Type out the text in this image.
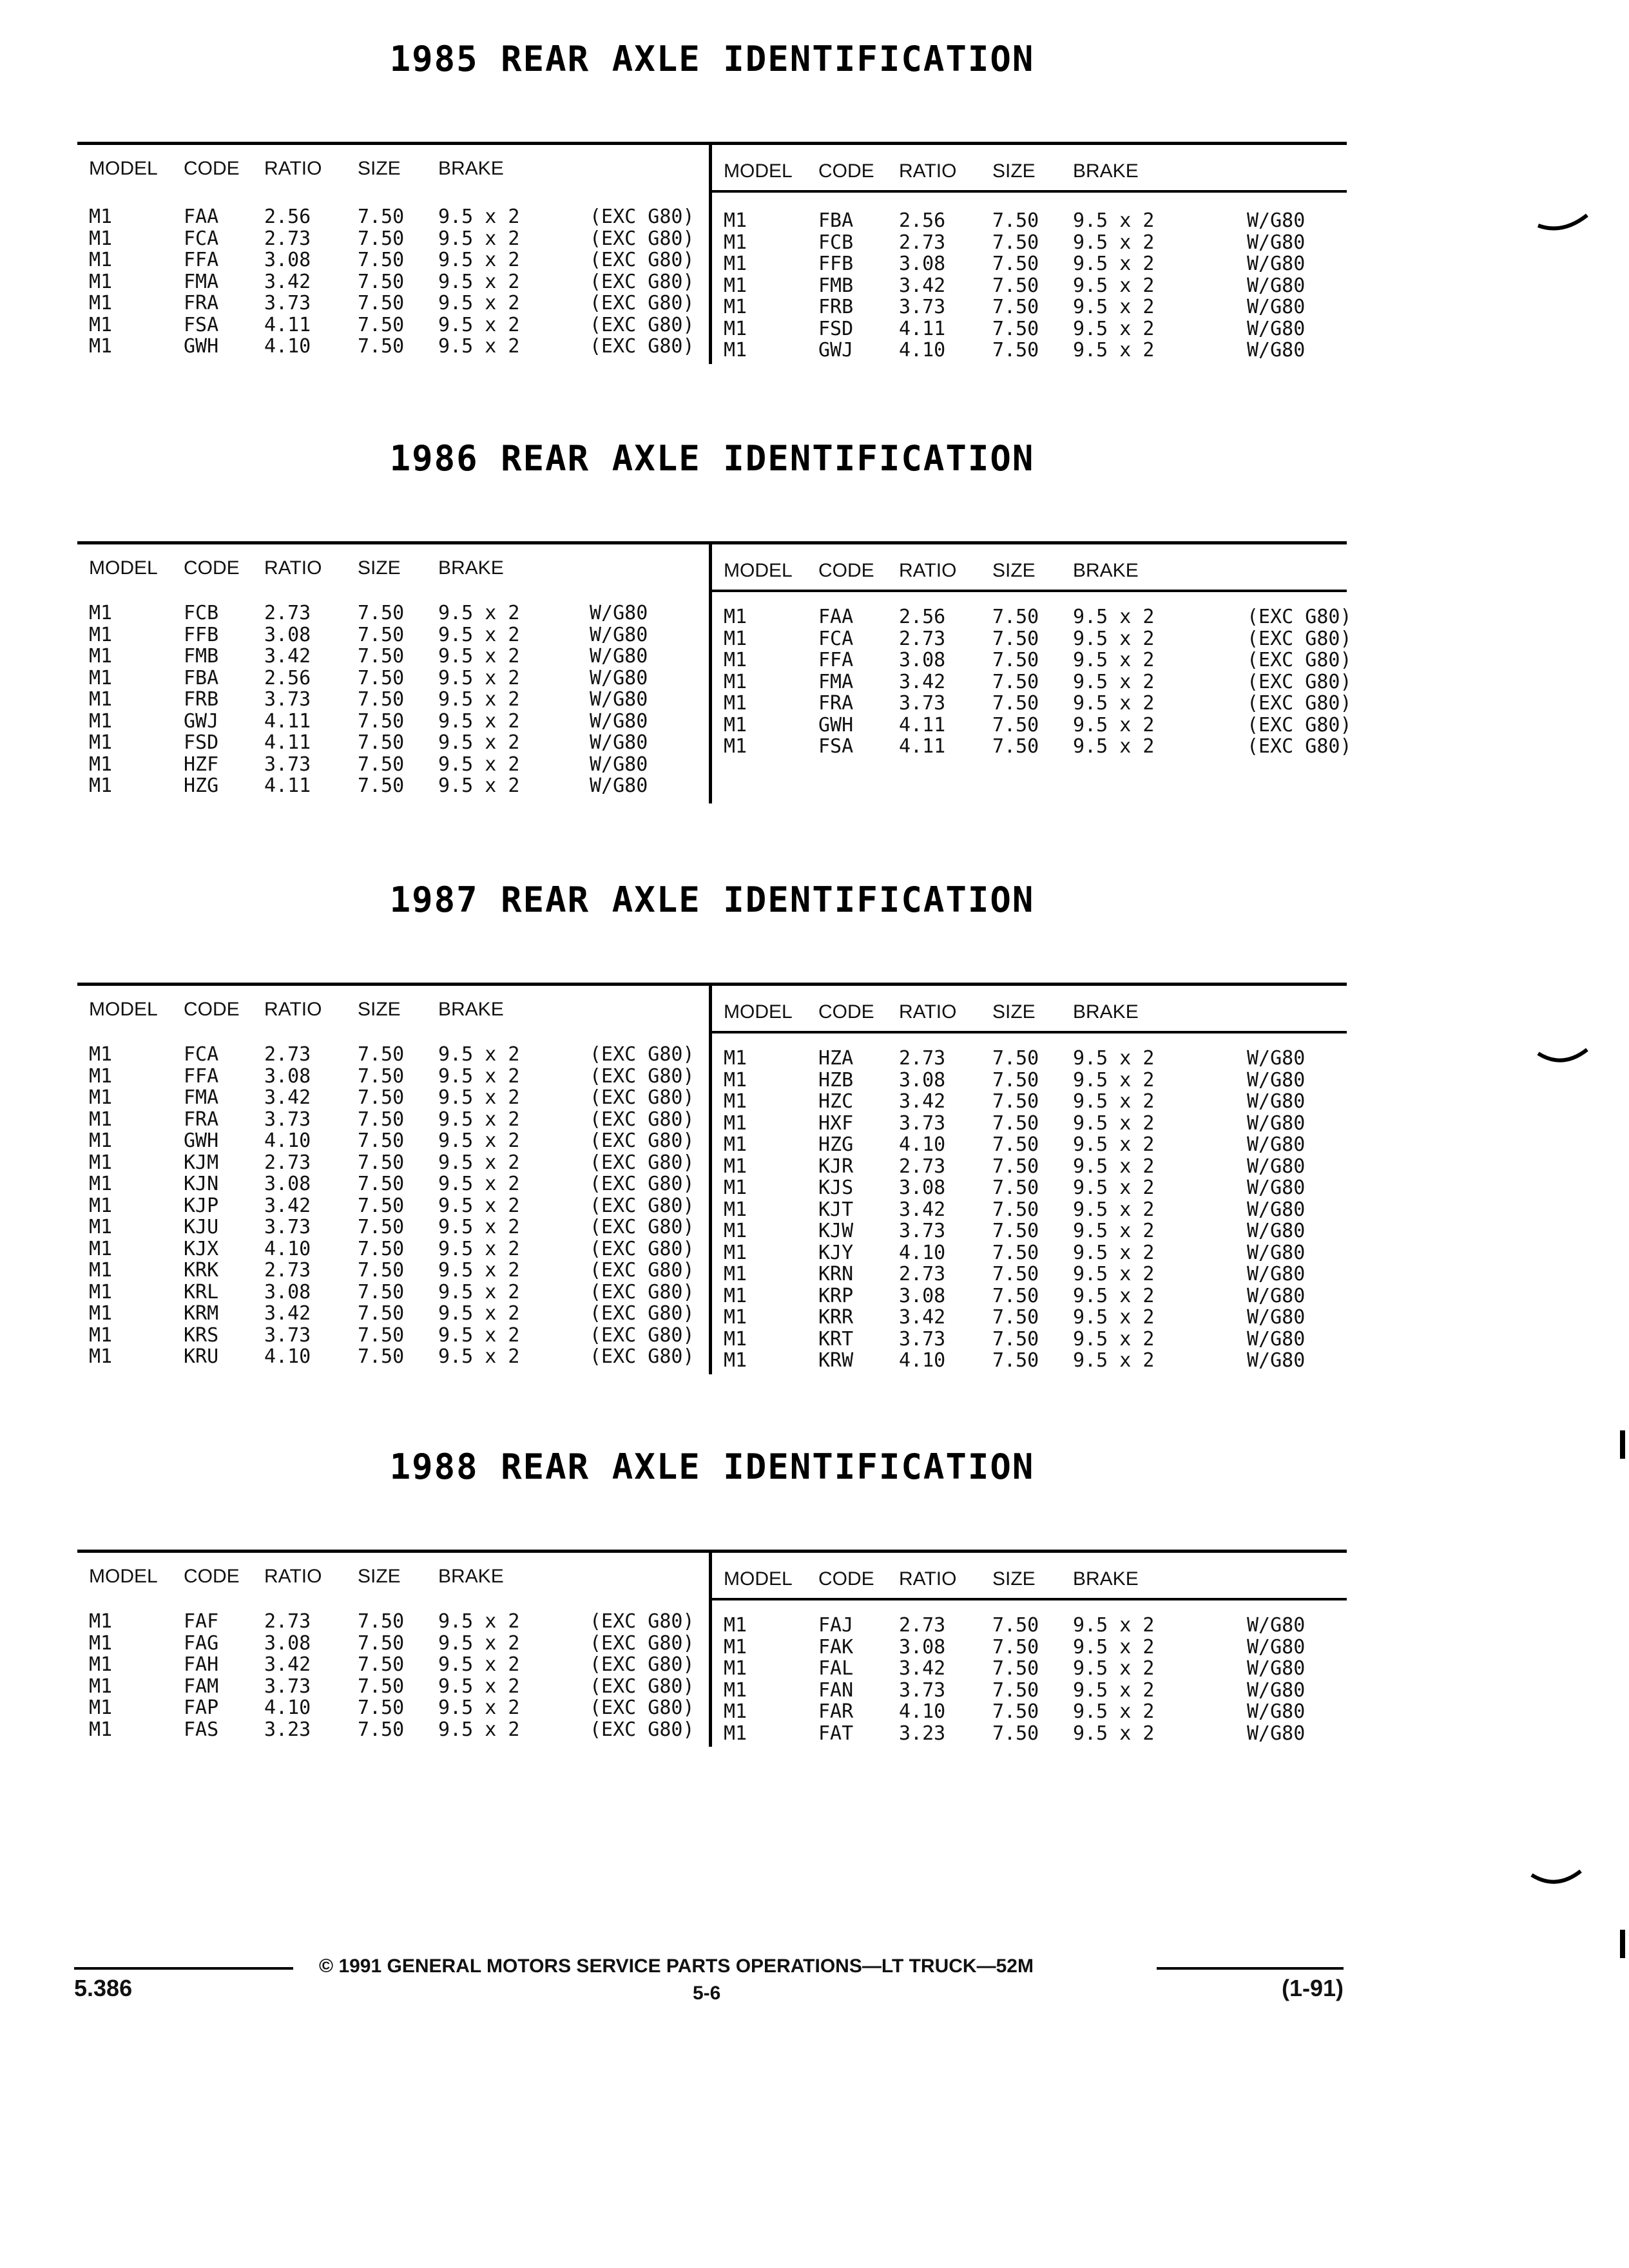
1985 REAR AXLE IDENTIFICATION
MODEL CODE RATIO SIZE BRAKE
M1	FAA 2.56 7.50 9.5 x 2	(EXC G80)
M1	FCA 2.73 7.50 9.5 x 2	(EXC G80)
M1	FFA 3.08 7.50 9.5 x 2	(EXC G80)
M1	FMA 3.42 7.50 9.5 x 2	(EXC G80)
M1	FRA 3.73 7.50 9.5 x 2	(EXC G80)
M1	FSA 4.11 7.50 9.5 x 2	(EXC G80)
M1	GWH 4.10 7.50 9.5 x 2	(EXC G80)
MODEL CODE RATIO SIZE BRAKE
M1	FBA 2.56 7.50 9.5 x 2	W/G80
M1	FCB 2.73 7.50 9.5 x 2	W/G80
M1	FFB 3.08 7.50 9.5 x 2	W/G80
M1	FMB 3.42 7.50 9.5 x 2	W/G80
M1	FRB 3.73 7.50 9.5 x 2	W/G80
M1	FSD 4.11 7.50 9.5 x 2	W/G80
M1	GWJ 4.10 7.50 9.5 x 2	W/G80
1986 REAR AXLE IDENTIFICATION
MODEL CODE RATIO SIZE BRAKE
M1	FCB 2.73 7.50 9.5 x 2	W/G80
M1	FFB 3.08 7.50 9.5 x 2	W/G80
M1	FMB 3.42 7.50 9.5 x 2	W/G80
M1	FBA 2.56 7.50 9.5 x 2	W/G80
M1	FRB 3.73 7.50 9.5 x 2	W/G80
M1	GWJ 4.11 7.50 9.5 x 2	W/G80
M1	FSD 4.11 7.50 9.5 x 2	W/G80
M1	HZF 3.73 7.50 9.5 x 2	W/G80
M1	HZG 4.11 7.50 9.5 x 2	W/G80
MODEL CODE RATIO SIZE BRAKE
M1	FAA 2.56 7.50 9.5 x 2	(EXC G80)
M1	FCA 2.73 7.50 9.5 x 2	(EXC G80)
M1	FFA 3.08 7.50 9.5 x 2	(EXC G80)
M1	FMA 3.42 7.50 9.5 x 2	(EXC G80)
M1	FRA 3.73 7.50 9.5 x 2	(EXC G80)
M1	GWH 4.11 7.50 9.5 x 2	(EXC G80)
M1	FSA 4.11 7.50 9.5 x 2	(EXC G80)
1987 REAR AXLE IDENTIFICATION
MODEL CODE RATIO SIZE BRAKE
M1	FCA 2.73 7.50 9.5 x 2	(EXC G80)
M1	FFA 3.08 7.50 9.5 x 2	(EXC G80)
M1	FMA 3.42 7.50 9.5 x 2	(EXC G80)
M1	FRA 3.73 7.50 9.5 x 2	(EXC G80)
M1	GWH 4.10 7.50 9.5 x 2	(EXC G80)
M1	KJM 2.73 7.50 9.5 x 2	(EXC G80)
M1	KJN 3.08 7.50 9.5 x 2	(EXC G80)
M1	KJP 3.42 7.50 9.5 x 2	(EXC G80)
M1	KJU 3.73 7.50 9.5 x 2	(EXC G80)
M1	KJX 4.10 7.50 9.5 x 2	(EXC G80)
M1	KRK 2.73 7.50 9.5 x 2	(EXC G80)
M1	KRL 3.08 7.50 9.5 x 2	(EXC G80)
M1	KRM 3.42 7.50 9.5 x 2	(EXC G80)
M1	KRS 3.73 7.50 9.5 x 2	(EXC G80)
M1	KRU 4.10 7.50 9.5 x 2	(EXC G80)
MODEL CODE RATIO SIZE BRAKE
M1	HZA 2.73 7.50 9.5 x 2	W/G80
M1	HZB 3.08 7.50 9.5 x 2	W/G80
M1	HZC 3.42 7.50 9.5 x 2	W/G80
M1	HXF 3.73 7.50 9.5 x 2	W/G80
M1	HZG 4.10 7.50 9.5 x 2	W/G80
M1	KJR 2.73 7.50 9.5 x 2	W/G80
M1	KJS 3.08 7.50 9.5 x 2	W/G80
M1	KJT 3.42 7.50 9.5 x 2	W/G80
M1	KJW 3.73 7.50 9.5 x 2	W/G80
M1	KJY 4.10 7.50 9.5 x 2	W/G80
M1	KRN 2.73 7.50 9.5 x 2	W/G80
M1	KRP 3.08 7.50 9.5 x 2	W/G80
M1	KRR 3.42 7.50 9.5 x 2	W/G80
M1	KRT 3.73 7.50 9.5 x 2	W/G80
M1	KRW 4.10 7.50 9.5 x 2	W/G80
1988 REAR AXLE IDENTIFICATION
MODEL CODE RATIO SIZE BRAKE
M1	FAF 2.73 7.50 9.5 x 2	(EXC G80)
M1	FAG 3.08 7.50 9.5 x 2	(EXC G80)
M1	FAH 3.42 7.50 9.5 x 2	(EXC G80)
M1	FAM 3.73 7.50 9.5 x 2	(EXC G80)
M1	FAP 4.10 7.50 9.5 x 2	(EXC G80)
M1	FAS 3.23 7.50 9.5 x 2	(EXC G80)
MODEL CODE RATIO SIZE BRAKE
M1	FAJ 2.73 7.50 9.5 x 2	W/G80
M1	FAK 3.08 7.50 9.5 x 2	W/G80
M1	FAL 3.42 7.50 9.5 x 2	W/G80
M1	FAN 3.73 7.50 9.5 x 2	W/G80
M1	FAR 4.10 7.50 9.5 x 2	W/G80
M1	FAT 3.23 7.50 9.5 x 2	W/G80
© 1991 GENERAL MOTORS SERVICE PARTS OPERATIONS—LT TRUCK—52M
5.386	5-6	(1-91)
